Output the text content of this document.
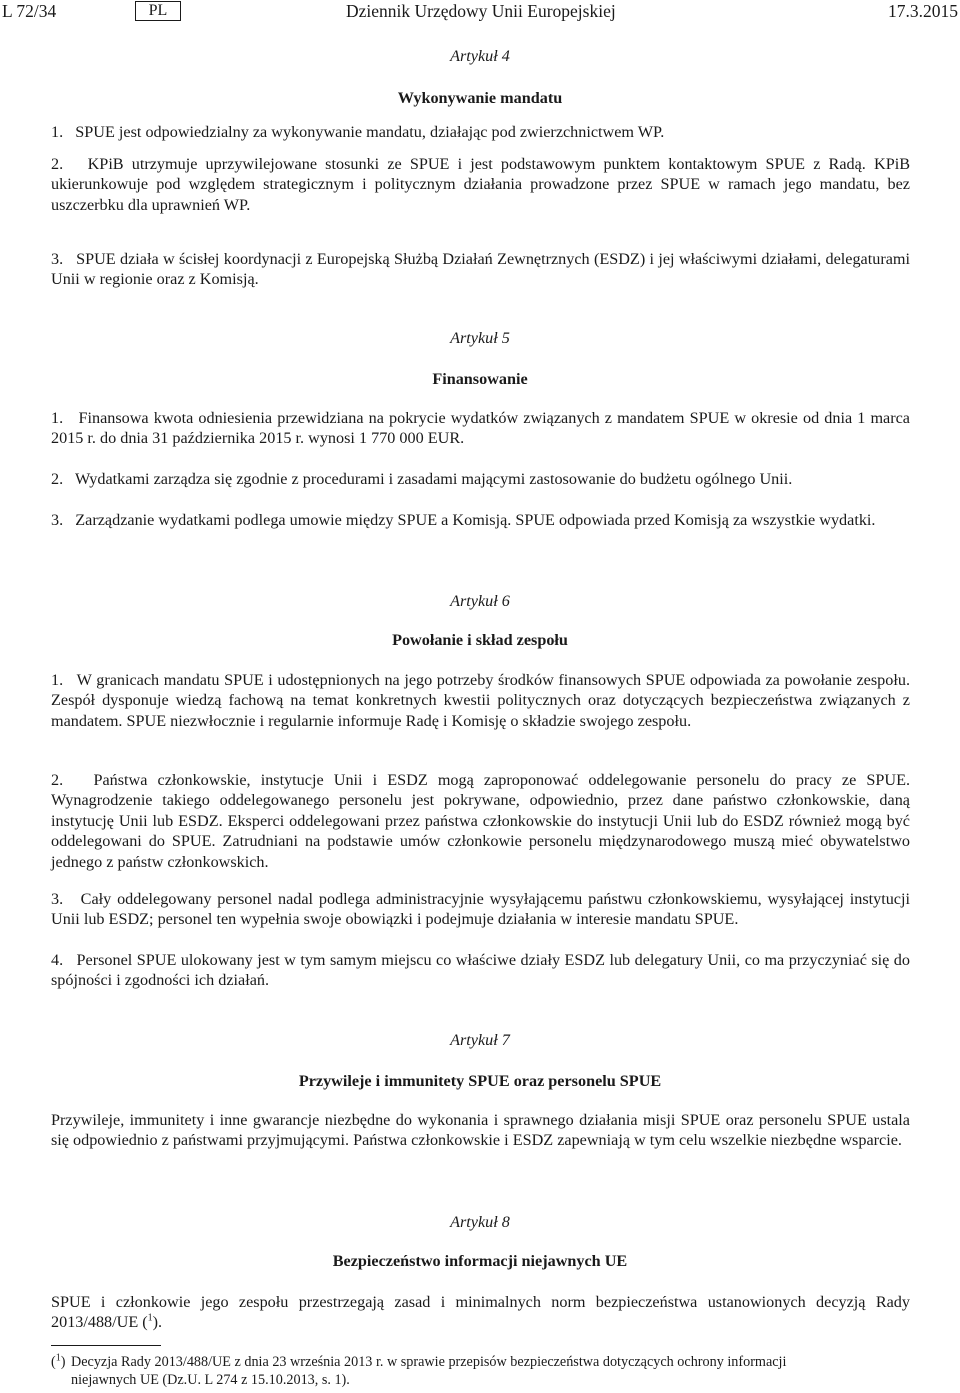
L 72/34	PL	Dziennik Urzędowy Unii Europejskiej	17.3.2015
Artykuł 4
Wykonywanie mandatu
1.   SPUE jest odpowiedzialny za wykonywanie mandatu, działając pod zwierzchnictwem WP.
2.   KPiB utrzymuje uprzywilejowane stosunki ze SPUE i jest podstawowym punktem kontaktowym SPUE z Radą. KPiB ukierunkowuje pod względem strategicznym i politycznym działania prowadzone przez SPUE w ramach jego mandatu, bez uszczerbku dla uprawnień WP.
3.   SPUE działa w ścisłej koordynacji z Europejską Służbą Działań Zewnętrznych (ESDZ) i jej właściwymi działami, delegaturami Unii w regionie oraz z Komisją.
Artykuł 5
Finansowanie
1.   Finansowa kwota odniesienia przewidziana na pokrycie wydatków związanych z mandatem SPUE w okresie od dnia 1 marca 2015 r. do dnia 31 października 2015 r. wynosi 1 770 000 EUR.
2.   Wydatkami zarządza się zgodnie z procedurami i zasadami mającymi zastosowanie do budżetu ogólnego Unii.
3.   Zarządzanie wydatkami podlega umowie między SPUE a Komisją. SPUE odpowiada przed Komisją za wszystkie wydatki.
Artykuł 6
Powołanie i skład zespołu
1.   W granicach mandatu SPUE i udostępnionych na jego potrzeby środków finansowych SPUE odpowiada za powołanie zespołu. Zespół dysponuje wiedzą fachową na temat konkretnych kwestii politycznych oraz dotyczących bezpieczeństwa związanych z mandatem. SPUE niezwłocznie i regularnie informuje Radę i Komisję o składzie swojego zespołu.
2.   Państwa członkowskie, instytucje Unii i ESDZ mogą zaproponować oddelegowanie personelu do pracy ze SPUE. Wynagrodzenie takiego oddelegowanego personelu jest pokrywane, odpowiednio, przez dane państwo członkowskie, daną instytucję Unii lub ESDZ. Eksperci oddelegowani przez państwa członkowskie do instytucji Unii lub do ESDZ również mogą być oddelegowani do SPUE. Zatrudniani na podstawie umów członkowie personelu międzynarodowego muszą mieć obywatelstwo jednego z państw członkowskich.
3.   Cały oddelegowany personel nadal podlega administracyjnie wysyłającemu państwu członkowskiemu, wysyłającej instytucji Unii lub ESDZ; personel ten wypełnia swoje obowiązki i podejmuje działania w interesie mandatu SPUE.
4.   Personel SPUE ulokowany jest w tym samym miejscu co właściwe działy ESDZ lub delegatury Unii, co ma przyczyniać się do spójności i zgodności ich działań.
Artykuł 7
Przywileje i immunitety SPUE oraz personelu SPUE
Przywileje, immunitety i inne gwarancje niezbędne do wykonania i sprawnego działania misji SPUE oraz personelu SPUE ustala się odpowiednio z państwami przyjmującymi. Państwa członkowskie i ESDZ zapewniają w tym celu wszelkie niezbędne wsparcie.
Artykuł 8
Bezpieczeństwo informacji niejawnych UE
SPUE i członkowie jego zespołu przestrzegają zasad i minimalnych norm bezpieczeństwa ustanowionych decyzją Rady 2013/488/UE ($^1$).
($^1$) Decyzja Rady 2013/488/UE z dnia 23 września 2013 r. w sprawie przepisów bezpieczeństwa dotyczących ochrony informacji
niejawnych UE (Dz.U. L 274 z 15.10.2013, s. 1).
